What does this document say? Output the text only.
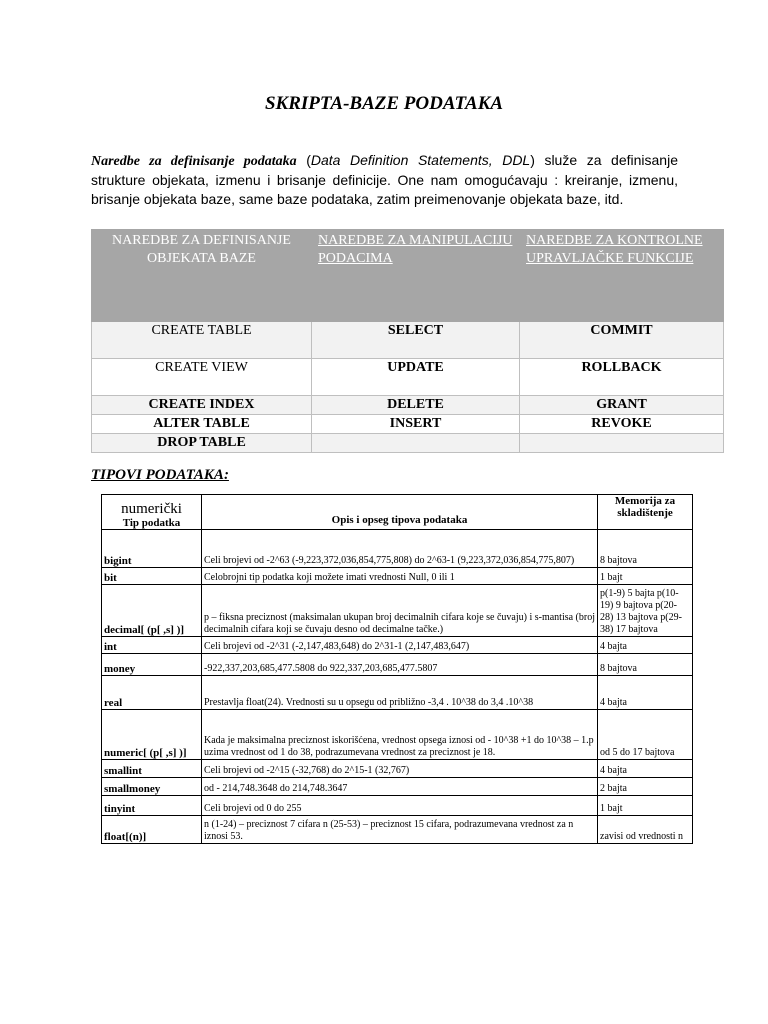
SKRIPTA-BAZE PODATAKA
Naredbe za definisanje podataka (Data Definition Statements, DDL) služe za definisanje strukture objekata, izmenu i brisanje definicije. One nam omogućavaju : kreiranje, izmenu, brisanje objekata baze, same baze podataka, zatim preimenovanje objekata baze, itd.
NAREDBE ZA DEFINISANJE OBJEKATA BAZE	NAREDBE ZA MANIPULACIJU PODACIMA	NAREDBE ZA KONTROLNE UPRAVLJAČKE FUNKCIJE
CREATE TABLE	SELECT	COMMIT
CREATE VIEW	UPDATE	ROLLBACK
CREATE INDEX	DELETE	GRANT
ALTER TABLE	INSERT	REVOKE
DROP TABLE		
TIPOVI PODATAKA:
numerički
Tip podatka	Opis i opseg tipova podataka	Memorija za skladištenje
bigint	Celi brojevi od -2^63 (-9,223,372,036,854,775,808) do 2^63-1 (9,223,372,036,854,775,807)	8 bajtova
bit	Celobrojni tip podatka koji možete imati vrednosti Null, 0 ili 1	1 bajt
decimal[ (p[ ,s] )]	p – fiksna preciznost (maksimalan ukupan broj decimalnih cifara koje se čuvaju) i s-mantisa (broj decimalnih cifara koji se čuvaju desno od decimalne tačke.)	p(1-9) 5 bajta p(10-19) 9 bajtova p(20-28) 13 bajtova p(29-38) 17 bajtova
int	Celi brojevi od -2^31 (-2,147,483,648) do 2^31-1 (2,147,483,647)	4 bajta
money	-922,337,203,685,477.5808 do 922,337,203,685,477.5807	8 bajtova
real	Prestavlja float(24). Vrednosti su u opsegu od približno -3,4 . 10^38 do 3,4 .10^38	4 bajta
numeric[ (p[ ,s] )]	Kada je maksimalna preciznost iskorišćena, vrednost opsega iznosi od - 10^38 +1 do 10^38 – 1.p uzima vrednost od 1 do 38, podrazumevana vrednost za preciznost je 18.	od 5 do 17 bajtova
smallint	Celi brojevi od -2^15 (-32,768) do 2^15-1 (32,767)	4 bajta
smallmoney	od - 214,748.3648 do 214,748.3647	2 bajta
tinyint	Celi brojevi od 0 do 255	1 bajt
float[(n)]	n (1-24) – preciznost 7 cifara n (25-53) – preciznost 15 cifara, podrazumevana vrednost za n iznosi 53.	zavisi od vrednosti n
